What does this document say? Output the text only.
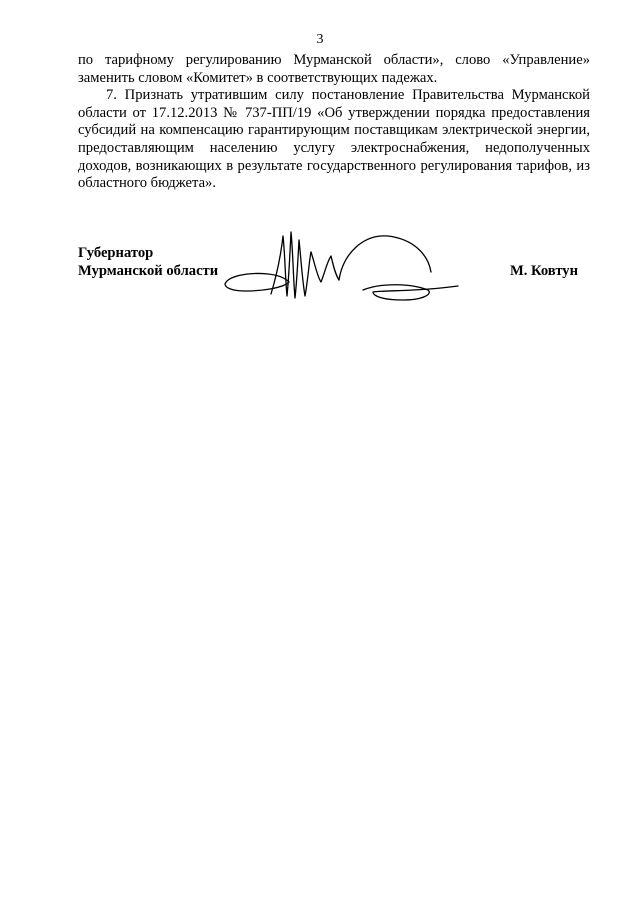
3

по тарифному регулированию Мурманской области», слово «Управление» заменить словом «Комитет» в соответствующих падежах.

7. Признать утратившим силу постановление Правительства Мурманской области от 17.12.2013 № 737-ПП/19 «Об утверждении порядка предоставления субсидий на компенсацию гарантирующим поставщикам электрической энергии, предоставляющим населению услугу электроснабжения, недополученных доходов, возникающих в результате государственного регулирования тарифов, из областного бюджета».

Губернатор
Мурманской области	М. Ковтун
